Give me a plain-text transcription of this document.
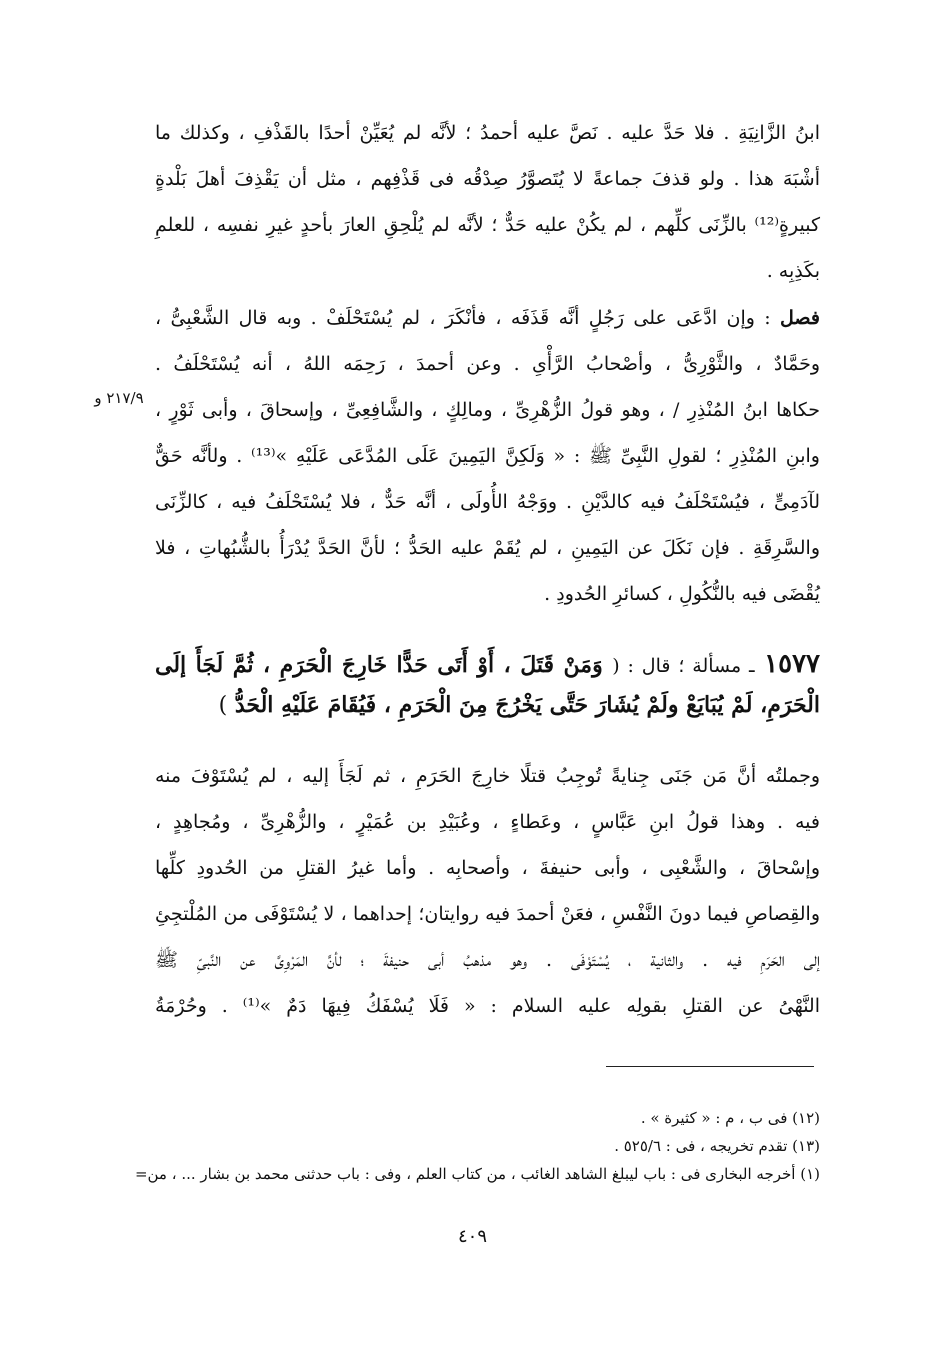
ابنُ الزَّانِيَةِ . فلا حَدَّ عليه . نَصَّ عليه أحمدُ ؛ لأنَّه لم يُعَيِّنْ أحدًا بالقَذْفِ ، وكذلك ما
أشْبَهَ هذا . ولو قذفَ جماعةً لا يُتَصوَّرُ صِدْقُه فى قَذْفِهم ، مثل أن يَقْذِفَ أهلَ بَلْدةٍ
كبيرةٍ⁽¹²⁾ بالزِّنَى كلِّهم ، لم يكُنْ عليه حَدٌّ ؛ لأنَّه لم يُلْحِقِ العارَ بأحدٍ غيرِ نفسِه ، للعلمِ
بكَذِبِه .
فصل : وإن ادَّعَى على رَجُلٍ أنَّه قَذَفَه ، فأنْكَرَ ، لم يُسْتَحْلَفْ . وبه قال الشَّعْبِىُّ ،
وحَمَّادٌ ، والثَّوْرِىُّ ، وأصْحابُ الرَّأْىِ . وعن أحمدَ ، رَحِمَه اللهُ ، أنه يُسْتَحْلَفُ .
حكاها ابنُ المُنْذِرِ / ، وهو قولُ الزُّهْرِىِّ ، ومالِكٍ ، والشَّافِعِىِّ ، وإسحاقَ ، وأبى ثَوْرٍ ،
وابنِ المُنْذِرِ ؛ لقولِ النَّبِىِّ ﷺ : « وَلَكِنَّ اليَمِينَ عَلَى المُدَّعَى عَلَيْهِ »⁽¹³⁾ . ولأنَّه حَقٌّ
لآدَمِىٍّ ، فيُسْتَحْلَفُ فيه كالدَّيْنِ . ووَجْهُ الأُولَى ، أنَّه حَدٌّ ، فلا يُسْتَحْلَفُ فيه ، كالزِّنَى
والسَّرِقَةِ . فإن نَكَلَ عن اليَمِينِ ، لم يُقَمْ عليه الحَدُّ ؛ لأنَّ الحَدَّ يُدْرَأُ بالشُّبُهاتِ ، فلا
يُقْضَى فيه بالنُّكُولِ ، كسائرِ الحُدودِ .
٢١٧/٩ و
١٥٧٧ ـ مسألة ؛ قال : ( وَمَنْ قَتَلَ ، أَوْ أَتَى حَدًّا خَارِجَ الْحَرَمِ ، ثُمَّ لَجَأَ إلَى
الْحَرَمِ، لَمْ يُبَايَعْ ولَمْ يُشَارَ حَتَّى يَخْرُجَ مِنَ الْحَرَمِ ، فَيُقَامَ عَلَيْهِ الْحَدُّ )
وجملتُه أنَّ مَن جَنَى جِنايةً تُوجِبُ قتلًا خارِجَ الحَرَمِ ، ثم لَجَأَ إليه ، لم يُسْتَوْفَ منه
فيه . وهذا قولُ ابنِ عَبَّاسٍ ، وعَطاءٍ ، وعُبَيْدِ بن عُمَيْرٍ ، والزُّهْرِىِّ ، ومُجاهِدٍ ،
وإسْحاقَ ، والشَّعْبِى ، وأبى حنيفةَ ، وأصحابِه . وأما غيرُ القتلِ من الحُدودِ كلِّها
والقِصاصِ فيما دونَ النَّفْسِ ، فعَنْ أحمدَ فيه روايتان؛ إحداهما ، لا يُسْتَوْفَى من المُلْتجِئِ
إلى الحَرَمِ فيه . والثانية ، يُسْتَوْفَى . وهو مذهبُ أبى حنيفةَ ؛ لأنَّ المَرْوِىَّ عن النَّبىِّ ﷺ
النَّهْىُ عن القتلِ بقولِه عليه السلام : « فَلَا يُسْفَكُ فِيهَا دَمٌ »⁽¹⁾ . وحُرْمَةُ
(١٢) فى ب ، م : « كثيرة » .
(١٣) تقدم تخريجه ، فى : ٥٢٥/٦ .
(١) أخرجه البخارى فى : باب ليبلغ الشاهد الغائب ، من كتاب العلم ، وفى : باب حدثنى محمد بن بشار ... ، من=
٤٠٩
